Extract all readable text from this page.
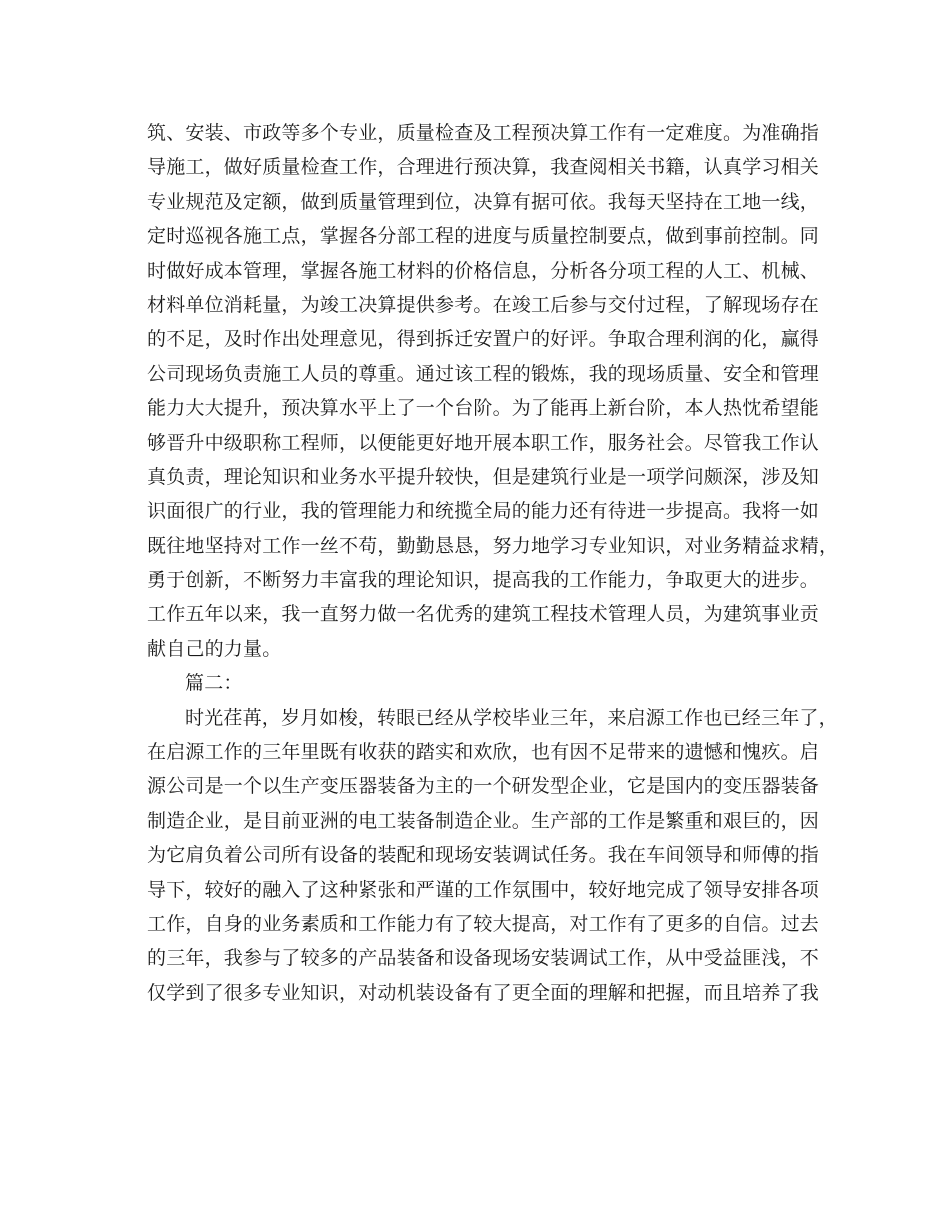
筑、安装、市政等多个专业，质量检查及工程预决算工作有一定难度。为准确指
导施工，做好质量检查工作，合理进行预决算，我查阅相关书籍，认真学习相关
专业规范及定额，做到质量管理到位，决算有据可依。我每天坚持在工地一线，
定时巡视各施工点，掌握各分部工程的进度与质量控制要点，做到事前控制。同
时做好成本管理，掌握各施工材料的价格信息，分析各分项工程的人工、机械、
材料单位消耗量，为竣工决算提供参考。在竣工后参与交付过程，了解现场存在
的不足，及时作出处理意见，得到拆迁安置户的好评。争取合理利润的化，赢得
公司现场负责施工人员的尊重。通过该工程的锻炼，我的现场质量、安全和管理
能力大大提升，预决算水平上了一个台阶。为了能再上新台阶，本人热忱希望能
够晋升中级职称工程师，以便能更好地开展本职工作，服务社会。尽管我工作认
真负责，理论知识和业务水平提升较快，但是建筑行业是一项学问颇深，涉及知
识面很广的行业，我的管理能力和统揽全局的能力还有待进一步提高。我将一如
既往地坚持对工作一丝不苟，勤勤恳恳，努力地学习专业知识，对业务精益求精，
勇于创新，不断努力丰富我的理论知识，提高我的工作能力，争取更大的进步。
工作五年以来，我一直努力做一名优秀的建筑工程技术管理人员，为建筑事业贡
献自己的力量。
篇二：
时光荏苒，岁月如梭，转眼已经从学校毕业三年，来启源工作也已经三年了，
在启源工作的三年里既有收获的踏实和欢欣，也有因不足带来的遗憾和愧疚。启
源公司是一个以生产变压器装备为主的一个研发型企业，它是国内的变压器装备
制造企业，是目前亚洲的电工装备制造企业。生产部的工作是繁重和艰巨的，因
为它肩负着公司所有设备的装配和现场安装调试任务。我在车间领导和师傅的指
导下，较好的融入了这种紧张和严谨的工作氛围中，较好地完成了领导安排各项
工作，自身的业务素质和工作能力有了较大提高，对工作有了更多的自信。过去
的三年，我参与了较多的产品装备和设备现场安装调试工作，从中受益匪浅，不
仅学到了很多专业知识，对动机装设备有了更全面的理解和把握，而且培养了我
